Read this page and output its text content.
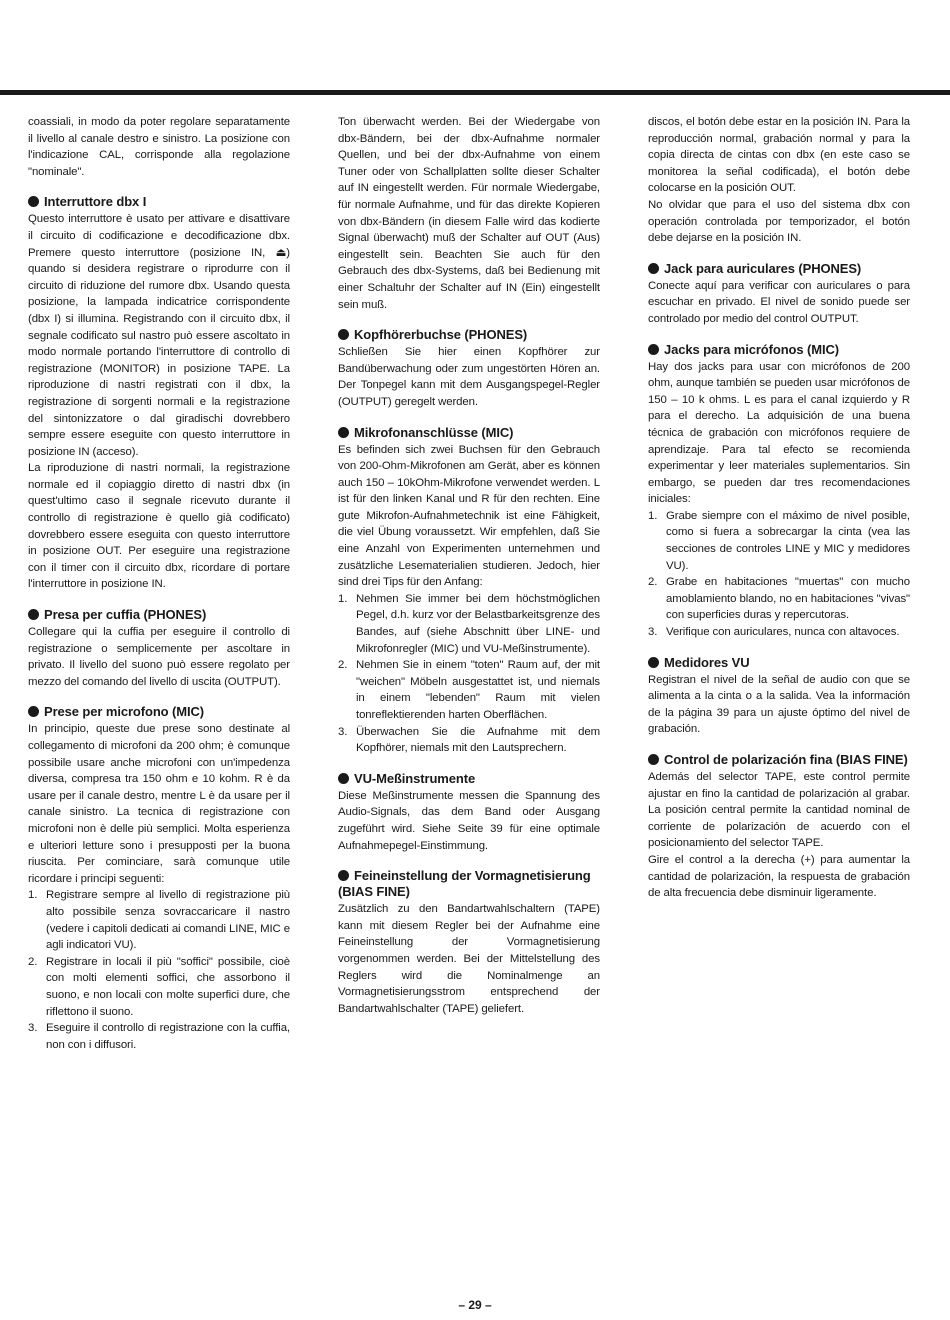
coassiali, in modo da poter regolare separatamente il livello al canale destro e sinistro. La posizione con l'indicazione CAL, corrisponde alla regolazione "nominale".

Interruttore dbx I

Questo interruttore è usato per attivare e disattivare il circuito di codificazione e decodificazione dbx. Premere questo interruttore (posizione IN, ⏏) quando si desidera registrare o riprodurre con il circuito di riduzione del rumore dbx. Usando questa posizione, la lampada indicatrice corrispondente (dbx I) si illumina. Registrando con il circuito dbx, il segnale codificato sul nastro può essere ascoltato in modo normale portando l'interruttore di controllo di registrazione (MONITOR) in posizione TAPE. La riproduzione di nastri registrati con il dbx, la registrazione di sorgenti normali e la registrazione del sintonizzatore o dal giradischi dovrebbero sempre essere eseguite con questo interruttore in posizione IN (acceso).

La riproduzione di nastri normali, la registrazione normale ed il copiaggio diretto di nastri dbx (in quest'ultimo caso il segnale ricevuto durante il controllo di registrazione è quello già codificato) dovrebbero essere eseguita con questo interruttore in posizione OUT. Per eseguire una registrazione con il timer con il circuito dbx, ricordare di portare l'interruttore in posizione IN.

Presa per cuffia (PHONES)

Collegare qui la cuffia per eseguire il controllo di registrazione o semplicemente per ascoltare in privato. Il livello del suono può essere regolato per mezzo del comando del livello di uscita (OUTPUT).

Prese per microfono (MIC)

In principio, queste due prese sono destinate al collegamento di microfoni da 200 ohm; è comunque possibile usare anche microfoni con un'impedenza diversa, compresa tra 150 ohm e 10 kohm. R è da usare per il canale destro, mentre L è da usare per il canale sinistro. La tecnica di registrazione con microfoni non è delle più semplici. Molta esperienza e ulteriori letture sono i presupposti per la buona riuscita. Per cominciare, sarà comunque utile ricordare i principi seguenti:

1. Registrare sempre al livello di registrazione più alto possibile senza sovraccaricare il nastro (vedere i capitoli dedicati ai comandi LINE, MIC e agli indicatori VU).
2. Registrare in locali il più "soffici" possibile, cioè con molti elementi soffici, che assorbono il suono, e non locali con molte superfici dure, che riflettono il suono.
3. Eseguire il controllo di registrazione con la cuffia, non con i diffusori.

Ton überwacht werden. Bei der Wiedergabe von dbx-Bändern, bei der dbx-Aufnahme normaler Quellen, und bei der dbx-Aufnahme von einem Tuner oder von Schallplatten sollte dieser Schalter auf IN eingestellt werden. Für normale Wiedergabe, für normale Aufnahme, und für das direkte Kopieren von dbx-Bändern (in diesem Falle wird das kodierte Signal überwacht) muß der Schalter auf OUT (Aus) eingestellt sein. Beachten Sie auch für den Gebrauch des dbx-Systems, daß bei Bedienung mit einer Schaltuhr der Schalter auf IN (Ein) eingestellt sein muß.

Kopfhörerbuchse (PHONES)

Schließen Sie hier einen Kopfhörer zur Bandüberwachung oder zum ungestörten Hören an. Der Tonpegel kann mit dem Ausgangspegel-Regler (OUTPUT) geregelt werden.

Mikrofonanschlüsse (MIC)

Es befinden sich zwei Buchsen für den Gebrauch von 200-Ohm-Mikrofonen am Gerät, aber es können auch 150 – 10kOhm-Mikrofone verwendet werden. L ist für den linken Kanal und R für den rechten. Eine gute Mikrofon-Aufnahmetechnik ist eine Fähigkeit, die viel Übung voraussetzt. Wir empfehlen, daß Sie eine Anzahl von Experimenten unternehmen und zusätzliche Lesematerialien studieren. Jedoch, hier sind drei Tips für den Anfang:

1. Nehmen Sie immer bei dem höchstmöglichen Pegel, d.h. kurz vor der Belastbarkeitsgrenze des Bandes, auf (siehe Abschnitt über LINE- und Mikrofonregler (MIC) und VU-Meßinstrumente).
2. Nehmen Sie in einem "toten" Raum auf, der mit "weichen" Möbeln ausgestattet ist, und niemals in einem "lebenden" Raum mit vielen tonreflektierenden harten Oberflächen.
3. Überwachen Sie die Aufnahme mit dem Kopfhörer, niemals mit den Lautsprechern.
VU-Meßinstrumente

Diese Meßinstrumente messen die Spannung des Audio-Signals, das dem Band oder Ausgang zugeführt wird. Siehe Seite 39 für eine optimale Aufnahmepegel-Einstimmung.

Feineinstellung der Vormagnetisierung (BIAS FINE)

Zusätzlich zu den Bandartwahlschaltern (TAPE) kann mit diesem Regler bei der Aufnahme eine Feineinstellung der Vormagnetisierung vorgenommen werden. Bei der Mittelstellung des Reglers wird die Nominalmenge an Vormagnetisierungsstrom entsprechend der Bandartwahlschalter (TAPE) geliefert.

discos, el botón debe estar en la posición IN. Para la reproducción normal, grabación normal y para la copia directa de cintas con dbx (en este caso se monitorea la señal codificada), el botón debe colocarse en la posición OUT.

No olvidar que para el uso del sistema dbx con operación controlada por temporizador, el botón debe dejarse en la posición IN.

Jack para auriculares (PHONES)

Conecte aquí para verificar con auriculares o para escuchar en privado. El nivel de sonido puede ser controlado por medio del control OUTPUT.

Jacks para micrófonos (MIC)

Hay dos jacks para usar con micrófonos de 200 ohm, aunque también se pueden usar micrófonos de 150 – 10 k ohms. L es para el canal izquierdo y R para el derecho. La adquisición de una buena técnica de grabación con micrófonos requiere de aprendizaje. Para tal efecto se recomienda experimentar y leer materiales suplementarios. Sin embargo, se pueden dar tres recomendaciones iniciales:

1. Grabe siempre con el máximo de nivel posible, como si fuera a sobrecargar la cinta (vea las secciones de controles LINE y MIC y medidores VU).
2. Grabe en habitaciones "muertas" con mucho amoblamiento blando, no en habitaciones "vivas" con superficies duras y repercutoras.
3. Verifique con auriculares, nunca con altavoces.
Medidores VU

Registran el nivel de la señal de audio con que se alimenta a la cinta o a la salida. Vea la información de la página 39 para un ajuste óptimo del nivel de grabación.

Control de polarización fina (BIAS FINE)

Además del selector TAPE, este control permite ajustar en fino la cantidad de polarización al grabar. La posición central permite la cantidad nominal de corriente de polarización de acuerdo con el posicionamiento del selector TAPE.

Gire el control a la derecha (+) para aumentar la cantidad de polarización, la respuesta de grabación de alta frecuencia debe disminuir ligeramente.

– 29 –
